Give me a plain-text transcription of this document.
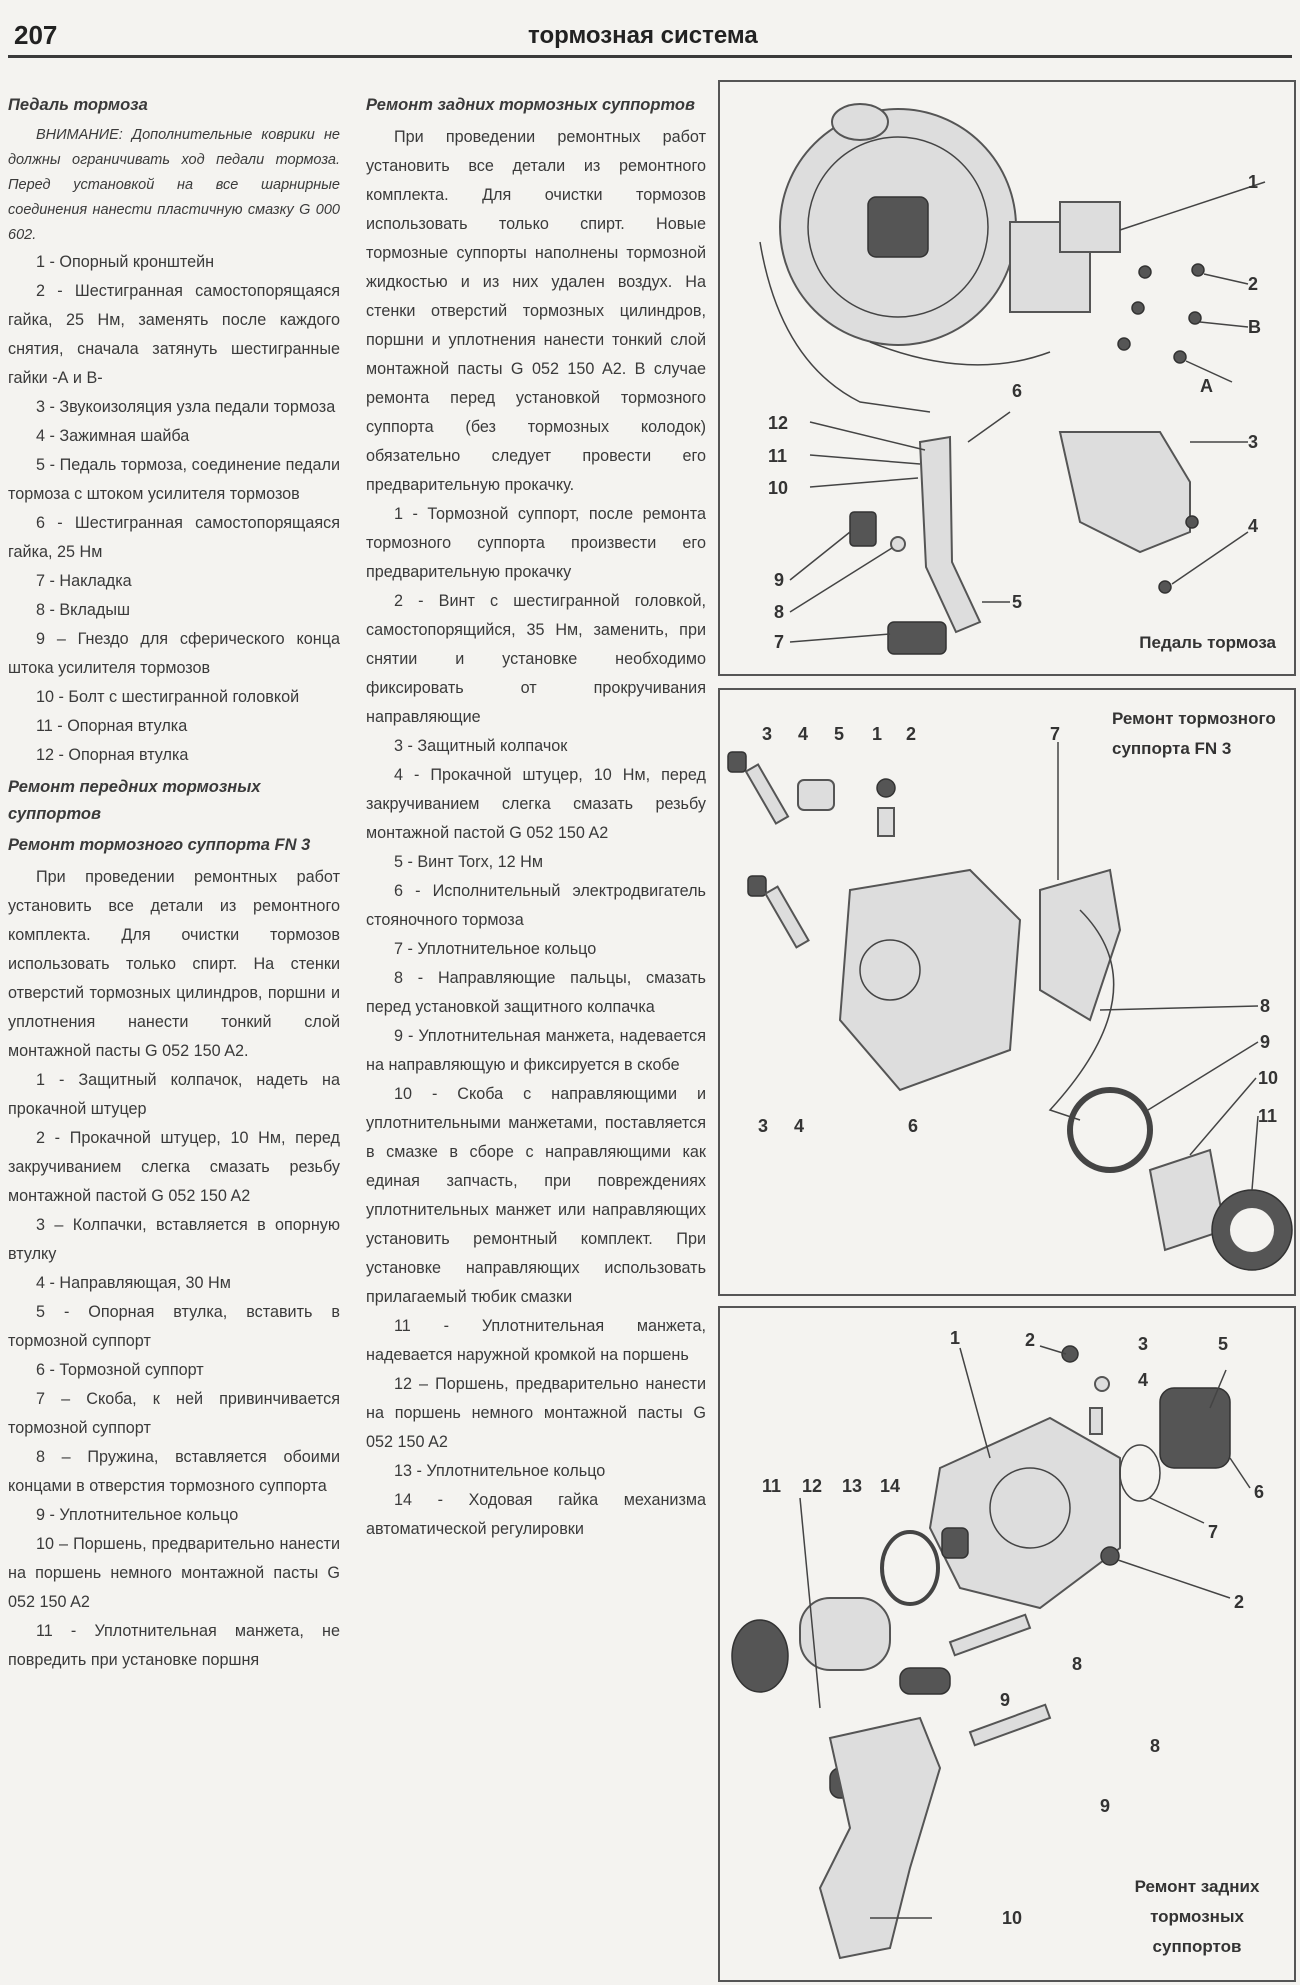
207	тормозная система
Педаль тормоза

ВНИМАНИЕ: Дополнительные коврики не должны ограничивать ход педали тормоза. Перед установкой на все шарнирные соединения нанести пластичную смазку G 000 602.

1 - Опорный кронштейн

2 - Шестигранная самостопорящаяся гайка, 25 Нм, заменять после каждого снятия, сначала затянуть шестигранные гайки -А и В-

3 - Звукоизоляция узла педали тормоза

4 - Зажимная шайба

5 - Педаль тормоза, соединение педали тормоза с штоком усилителя тормозов

6 - Шестигранная самостопорящаяся гайка, 25 Нм

7 - Накладка

8 - Вкладыш

9 – Гнездо для сферического конца штока усилителя тормозов

10 - Болт с шестигранной головкой

11 - Опорная втулка

12 - Опорная втулка

Ремонт передних тормозных суппортов
Ремонт тормозного суппорта FN 3

При проведении ремонтных работ установить все детали из ремонтного комплекта. Для очистки тормозов использовать только спирт. На стенки отверстий тормозных цилиндров, поршни и уплотнения нанести тонкий слой монтажной пасты G 052 150 A2.

1 - Защитный колпачок, надеть на прокачной штуцер

2 - Прокачной штуцер, 10 Нм, перед закручиванием слегка смазать резьбу монтажной пастой G 052 150 A2

3 – Колпачки, вставляется в опорную втулку

4 - Направляющая, 30 Нм

5 - Опорная втулка, вставить в тормозной суппорт

6 - Тормозной суппорт

7 – Скоба, к ней привинчивается тормозной суппорт

8 – Пружина, вставляется обоими концами в отверстия тормозного суппорта

9 - Уплотнительное кольцо

10 – Поршень, предварительно нанести на поршень немного монтажной пасты G 052 150 A2

11 - Уплотнительная манжета, не повредить при установке поршня

Ремонт задних тормозных суппортов

При проведении ремонтных работ установить все детали из ремонтного комплекта. Для очистки тормозов использовать только спирт. Новые тормозные суппорты наполнены тормозной жидкостью и из них удален воздух. На стенки отверстий тормозных цилиндров, поршни и уплотнения нанести тонкий слой монтажной пасты G 052 150 A2. В случае ремонта перед установкой тормозного суппорта (без тормозных колодок) обязательно следует провести его предварительную прокачку.

1 - Тормозной суппорт, после ремонта тормозного суппорта произвести его предварительную прокачку

2 - Винт с шестигранной головкой, самостопорящийся, 35 Нм, заменить, при снятии и установке необходимо фиксировать от прокручивания направляющие

3 - Защитный колпачок

4 - Прокачной штуцер, 10 Нм, перед закручиванием слегка смазать резьбу монтажной пастой G 052 150 A2

5 - Винт Torx, 12 Нм

6 - Исполнительный электродвигатель стояночного тормоза

7 - Уплотнительное кольцо

8 - Направляющие пальцы, смазать перед установкой защитного колпачка

9 - Уплотнительная манжета, надевается на направляющую и фиксируется в скобе

10 - Скоба с направляющими и уплотнительными манжетами, поставляется в смазке в сборе с направляющими как единая запчасть, при повреждениях уплотнительных манжет или направляющих установить ремонтный комплект. При установке направляющих использовать прилагаемый тюбик смазки

11 - Уплотнительная манжета, надевается наружной кромкой на поршень

12 – Поршень, предварительно нанести на поршень немного монтажной пасты G 052 150 A2

13 - Уплотнительное кольцо

14 - Ходовая гайка механизма автоматической регулировки

1
2
B
A
3
4
5
6
7
8
9
10
11
12
Педаль тормоза
3 4 5 1 2	7
3 4	6
8
9
10
11
Ремонт тормозного суппорта FN 3
1	2	3
4
5
6
7
2
11 12 13 14
8
9
8
9
10
Ремонт задних тормозных суппортов
